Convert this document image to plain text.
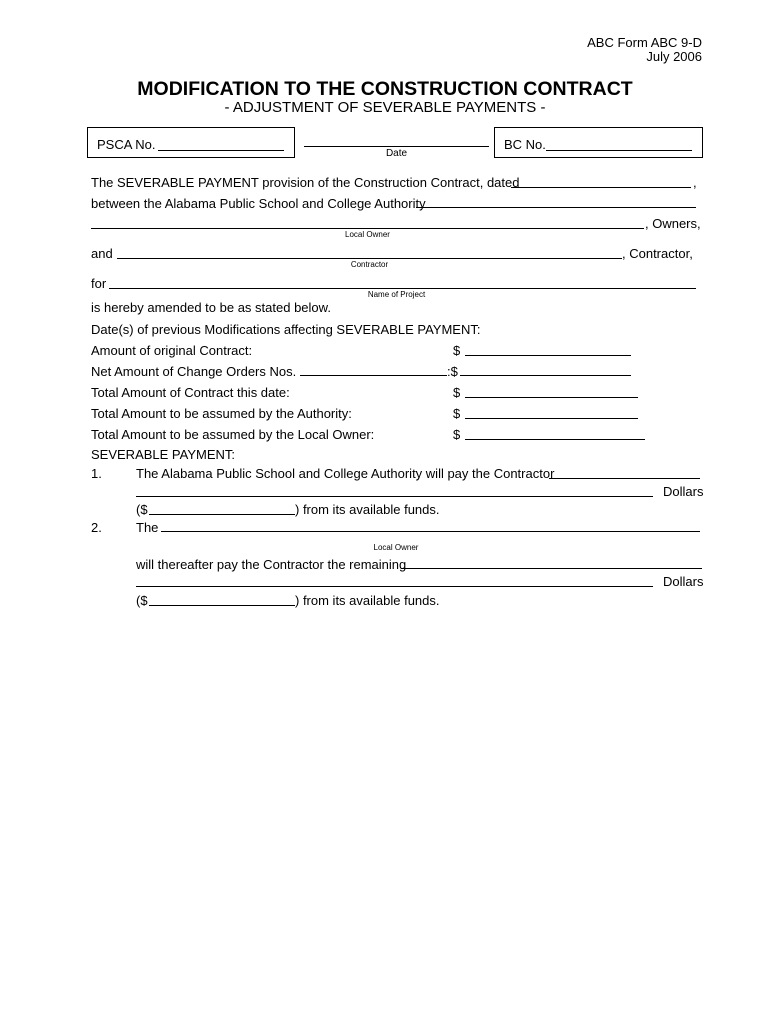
ABC Form ABC 9-D
July 2006
MODIFICATION TO THE CONSTRUCTION CONTRACT
- ADJUSTMENT OF SEVERABLE PAYMENTS -
PSCA No.
Date
BC No.
The SEVERABLE PAYMENT provision of the Construction Contract, dated	,
between the Alabama Public School and College Authority
, Owners,
Local Owner
and	, Contractor,
Contractor
for
Name of Project
is hereby amended to be as stated below.
Date(s) of previous Modifications affecting SEVERABLE PAYMENT:
Amount of original Contract:	$
Net Amount of Change Orders Nos.	:$
Total Amount of Contract this date:	$
Total Amount to be assumed by the Authority:	$
Total Amount to be assumed by the Local Owner:	$
SEVERABLE PAYMENT:
1.	The Alabama Public School and College Authority will pay the Contractor
Dollars
($	) from its available funds.
2.	The
Local Owner
will thereafter pay the Contractor the remaining
Dollars
($	) from its available funds.
